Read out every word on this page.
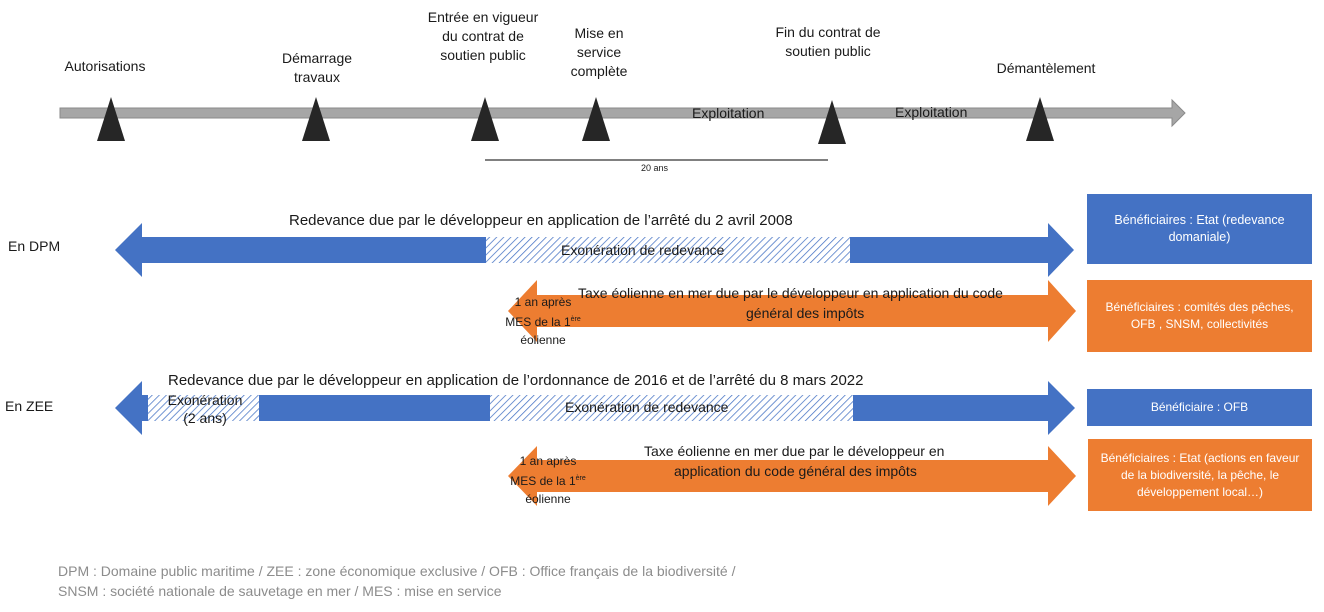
Autorisations	Démarrage
travaux
Entrée en vigueur
du contrat de
soutien public
Mise en
service
complète
Fin du contrat de
soutien public
Démantèlement
Exploitation	Exploitation
20 ans
En DPM
Redevance due par le développeur en application de l’arrêté du 2 avril 2008
Exonération de redevance
Taxe éolienne en mer due par le développeur en application du code
général des impôts
1 an après
MES de la 1ère
éolienne
Bénéficiaires : Etat (redevance domaniale)
Bénéficiaires : comités des pêches, OFB , SNSM, collectivités
En ZEE
Redevance due par le développeur en application de l’ordonnance de 2016 et de l’arrêté du 8 mars 2022
Exonération
(2 ans)
Exonération de redevance
Taxe éolienne en mer due par le développeur en
application du code général des impôts
1 an après
MES de la 1ère
éolienne
Bénéficiaire : OFB
Bénéficiaires : Etat (actions en faveur de la biodiversité, la pêche, le développement local…)
DPM : Domaine public maritime / ZEE : zone économique exclusive / OFB : Office français de la biodiversité /
SNSM : société nationale de sauvetage en mer / MES : mise en service
